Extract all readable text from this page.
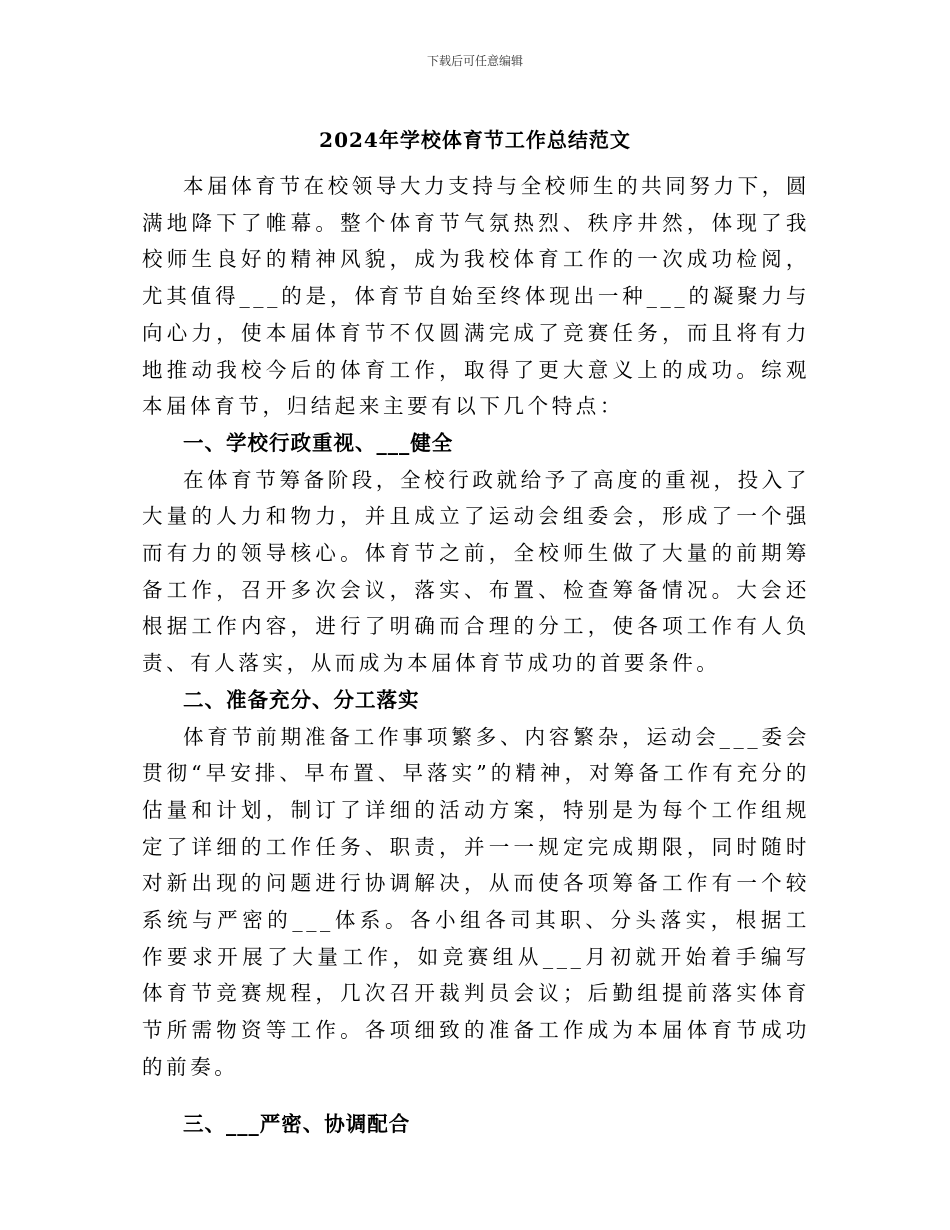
下载后可任意编辑
2024年学校体育节工作总结范文

本届体育节在校领导大力支持与全校师生的共同努力下，圆满地降下了帷幕。整个体育节气氛热烈、秩序井然，体现了我校师生良好的精神风貌，成为我校体育工作的一次成功检阅，尤其值得___的是，体育节自始至终体现出一种___的凝聚力与向心力，使本届体育节不仅圆满完成了竞赛任务，而且将有力地推动我校今后的体育工作，取得了更大意义上的成功。综观本届体育节，归结起来主要有以下几个特点：

一、学校行政重视、___健全

在体育节筹备阶段，全校行政就给予了高度的重视，投入了大量的人力和物力，并且成立了运动会组委会，形成了一个强而有力的领导核心。体育节之前，全校师生做了大量的前期筹备工作，召开多次会议，落实、布置、检查筹备情况。大会还根据工作内容，进行了明确而合理的分工，使各项工作有人负责、有人落实，从而成为本届体育节成功的首要条件。

二、准备充分、分工落实

体育节前期准备工作事项繁多、内容繁杂，运动会___委会贯彻“早安排、早布置、早落实”的精神，对筹备工作有充分的估量和计划，制订了详细的活动方案，特别是为每个工作组规定了详细的工作任务、职责，并一一规定完成期限，同时随时对新出现的问题进行协调解决，从而使各项筹备工作有一个较系统与严密的___体系。各小组各司其职、分头落实，根据工作要求开展了大量工作，如竞赛组从___月初就开始着手编写体育节竞赛规程，几次召开裁判员会议；后勤组提前落实体育节所需物资等工作。各项细致的准备工作成为本届体育节成功的前奏。

三、___严密、协调配合
